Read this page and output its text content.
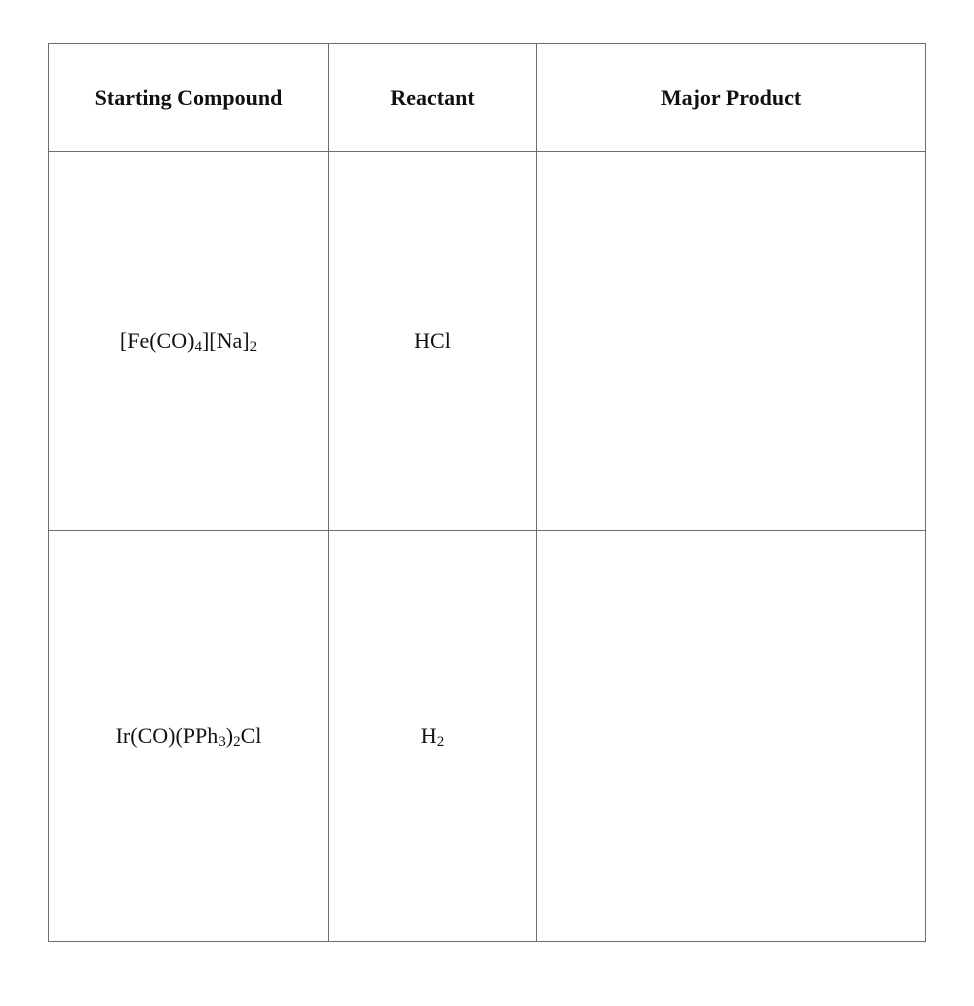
Starting Compound	Reactant	Major Product
$[Fe(CO)_4][Na]_2$	HCl	
$Ir(CO)(PPh_3)_2Cl$	$H_2$	
